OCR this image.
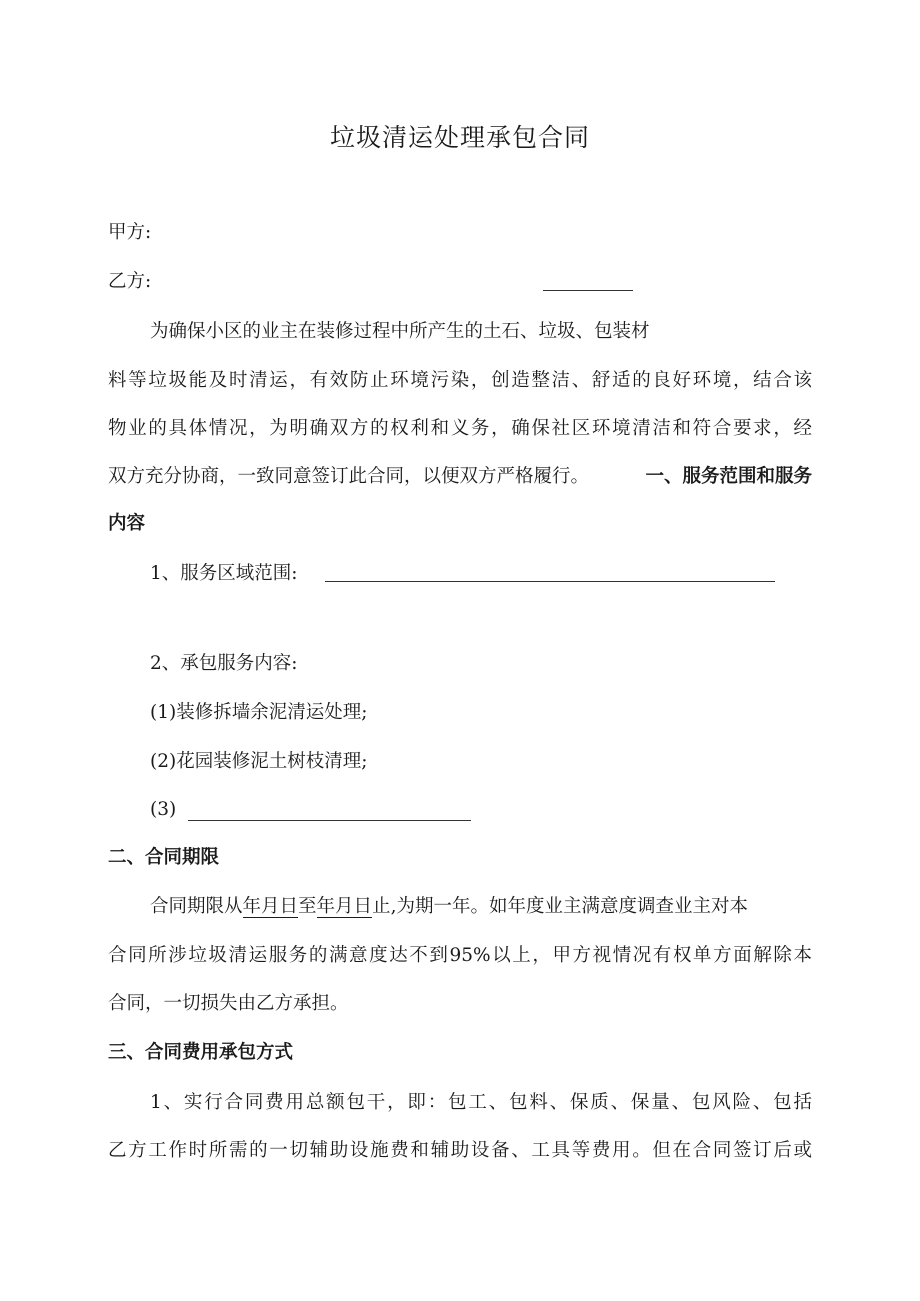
垃圾清运处理承包合同
甲方:
乙方:
为确保小区的业主在装修过程中所产生的土石、垃圾、包装材
料等垃圾能及时清运，有效防止环境污染，创造整洁、舒适的良好环境，结合该
物业的具体情况，为明确双方的权利和义务，确保社区环境清洁和符合要求，经
双方充分协商，一致同意签订此合同，以便双方严格履行。	一、服务范围和服务
内容
1、服务区域范围:
2、承包服务内容:
(1)装修拆墙余泥清运处理;
(2)花园装修泥土树枝清理;
(3)
二、合同期限
合同期限从年月日至年月日止,为期一年。如年度业主满意度调查业主对本
合同所涉垃圾清运服务的满意度达不到95%以上，甲方视情况有权单方面解除本
合同，一切损失由乙方承担。
三、合同费用承包方式
1、实行合同费用总额包干，即：包工、包料、保质、保量、包风险、包括
乙方工作时所需的一切辅助设施费和辅助设备、工具等费用。但在合同签订后或
